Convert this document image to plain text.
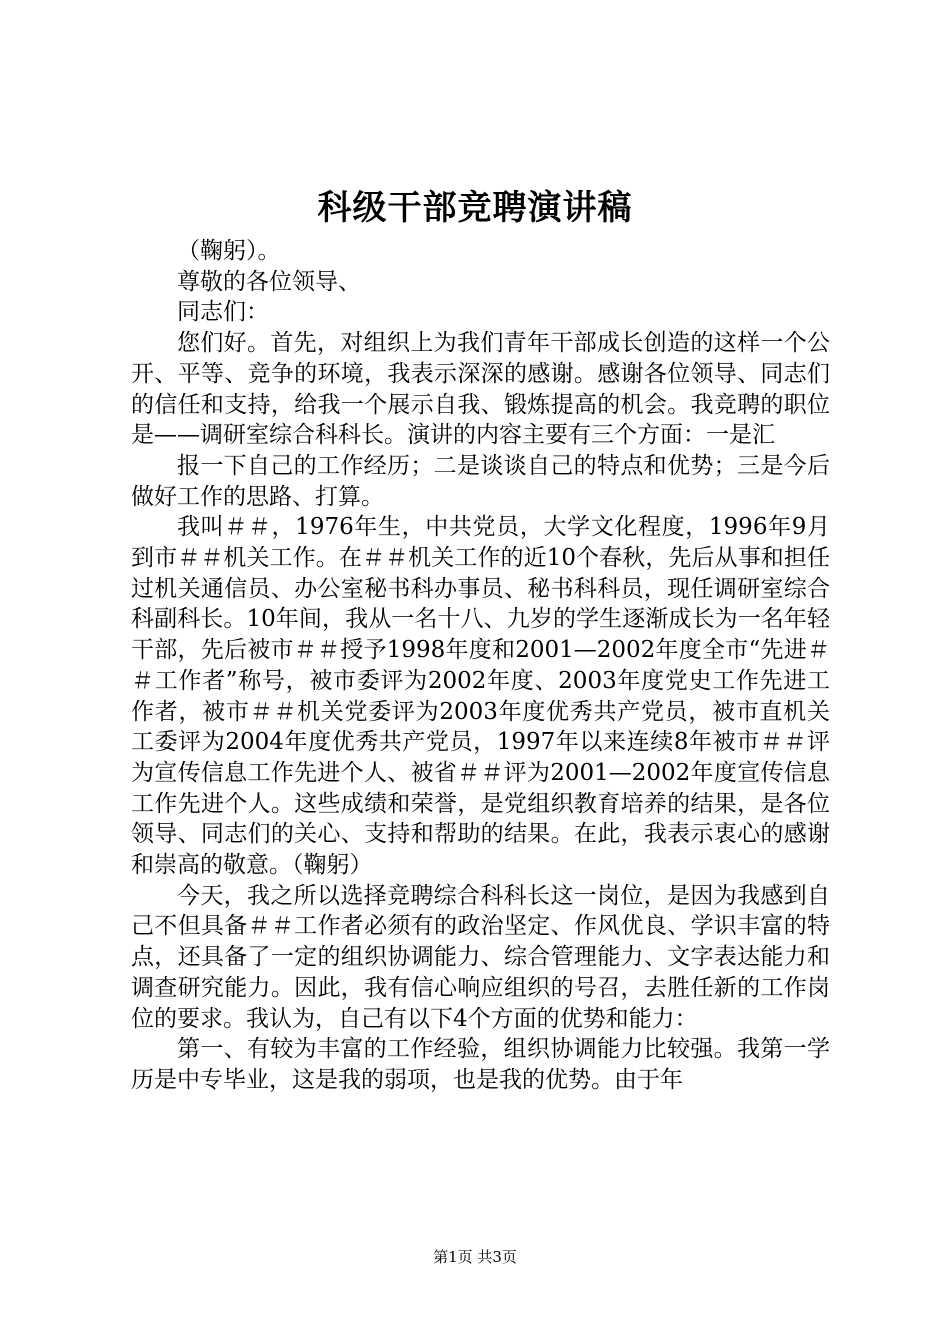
科级干部竞聘演讲稿

（鞠躬）。

尊敬的各位领导、

同志们：

您们好。首先，对组织上为我们青年干部成长创造的这样一个公开、平等、竞争的环境，我表示深深的感谢。感谢各位领导、同志们的信任和支持，给我一个展示自我、锻炼提高的机会。我竞聘的职位是——调研室综合科科长。演讲的内容主要有三个方面：一是汇

报一下自己的工作经历；二是谈谈自己的特点和优势；三是今后做好工作的思路、打算。

我叫＃＃，1976年生，中共党员，大学文化程度，1996年9月到市＃＃机关工作。在＃＃机关工作的近10个春秋，先后从事和担任过机关通信员、办公室秘书科办事员、秘书科科员，现任调研室综合科副科长。10年间，我从一名十八、九岁的学生逐渐成长为一名年轻干部，先后被市＃＃授予1998年度和2001—2002年度全市“先进＃＃工作者”称号，被市委评为2002年度、2003年度党史工作先进工作者，被市＃＃机关党委评为2003年度优秀共产党员，被市直机关工委评为2004年度优秀共产党员，1997年以来连续8年被市＃＃评为宣传信息工作先进个人、被省＃＃评为2001—2002年度宣传信息工作先进个人。这些成绩和荣誉，是党组织教育培养的结果，是各位领导、同志们的关心、支持和帮助的结果。在此，我表示衷心的感谢和崇高的敬意。（鞠躬）

今天，我之所以选择竞聘综合科科长这一岗位，是因为我感到自己不但具备＃＃工作者必须有的政治坚定、作风优良、学识丰富的特点，还具备了一定的组织协调能力、综合管理能力、文字表达能力和调查研究能力。因此，我有信心响应组织的号召，去胜任新的工作岗位的要求。我认为，自己有以下4个方面的优势和能力：

第一、有较为丰富的工作经验，组织协调能力比较强。我第一学历是中专毕业，这是我的弱项，也是我的优势。由于年

第1页 共3页
